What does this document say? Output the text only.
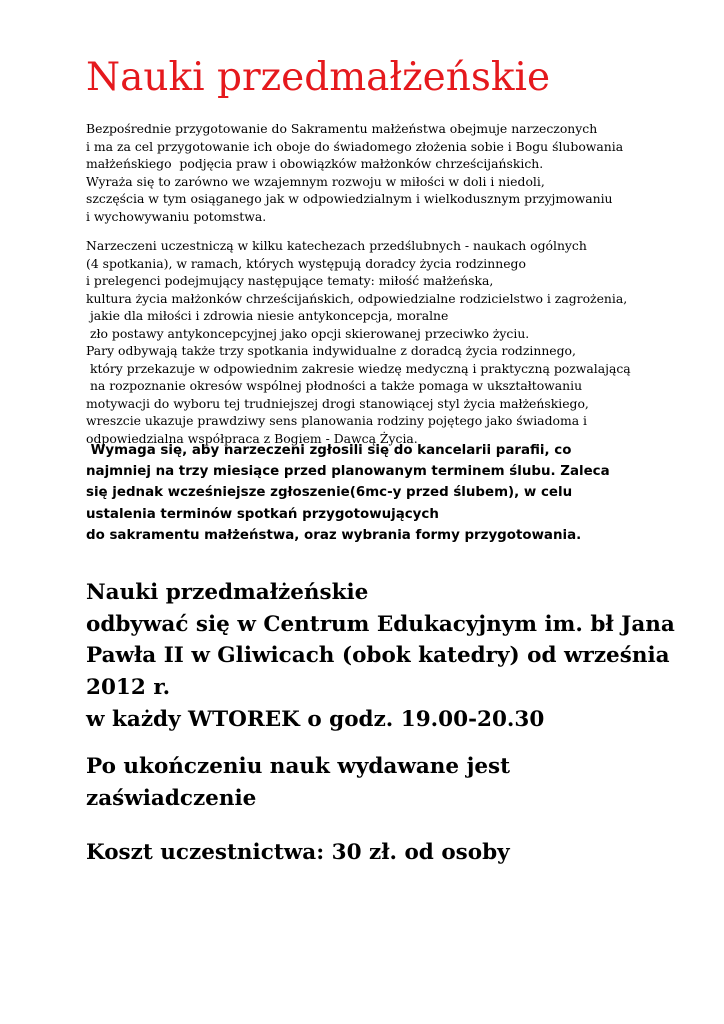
Nauki przedmałżeńskie
Bezpośrednie przygotowanie do Sakramentu małżeństwa obejmuje narzeczonych
i ma za cel przygotowanie ich oboje do świadomego złożenia sobie i Bogu ślubowania
małżeńskiego  podjęcia praw i obowiązków małżonków chrześcijańskich.
Wyraża się to zarówno we wzajemnym rozwoju w miłości w doli i niedoli,
szczęścia w tym osiąganego jak w odpowiedzialnym i wielkodusznym przyjmowaniu
i wychowywaniu potomstwa.
Narzeczeni uczestniczą w kilku katechezach przedślubnych - naukach ogólnych
(4 spotkania), w ramach, których występują doradcy życia rodzinnego
i prelegenci podejmujący następujące tematy: miłość małżeńska,
kultura życia małżonków chrześcijańskich, odpowiedzialne rodzicielstwo i zagrożenia,
jakie dla miłości i zdrowia niesie antykoncepcja, moralne
zło postawy antykoncepcyjnej jako opcji skierowanej przeciwko życiu.
Pary odbywają także trzy spotkania indywidualne z doradcą życia rodzinnego,
który przekazuje w odpowiednim zakresie wiedzę medyczną i praktyczną pozwalającą
na rozpoznanie okresów wspólnej płodności a także pomaga w ukształtowaniu
motywacji do wyboru tej trudniejszej drogi stanowiącej styl życia małżeńskiego,
wreszcie ukazuje prawdziwy sens planowania rodziny pojętego jako świadoma i
odpowiedzialna współpraca z Bogiem - Dawcą Życia.
Wymaga się, aby narzeczeni zgłosili się do kancelarii parafii, co
najmniej na trzy miesiące przed planowanym terminem ślubu. Zaleca
się jednak wcześniejsze zgłoszenie(6mc-y przed ślubem), w celu
ustalenia terminów spotkań przygotowujących
do sakramentu małżeństwa, oraz wybrania formy przygotowania.
Nauki przedmałżeńskie
odbywać się w Centrum Edukacyjnym im. bł Jana
Pawła II w Gliwicach (obok katedry) od września
2012 r.
w każdy WTOREK o godz. 19.00-20.30
Po ukończeniu nauk wydawane jest
zaświadczenie
Koszt uczestnictwa: 30 zł. od osoby
